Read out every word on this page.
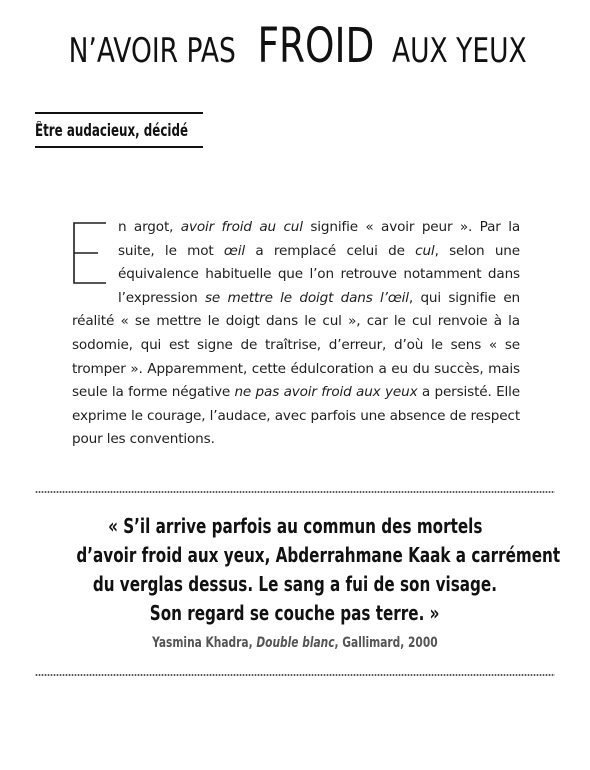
N’AVOIR PAS FROID AUX YEUX
Être audacieux, décidé
E	n argot, avoir froid au cul signifie « avoir peur ». Par la suite, le mot œil a remplacé celui de cul, selon une équivalence habituelle que l’on retrouve notamment dans l’expression se mettre le doigt dans l’œil, qui signifie en réalité « se mettre le doigt dans le cul », car le cul renvoie à la sodomie, qui est signe de traîtrise, d’erreur, d’où le sens « se tromper ». Apparemment, cette édulcoration a eu du succès, mais seule la forme négative ne pas avoir froid aux yeux a persisté. Elle exprime le courage, l’audace, avec parfois une absence de respect pour les conventions.

« S’il arrive parfois au commun des mortels
d’avoir froid aux yeux, Abderrahmane Kaak a carrément
du verglas dessus. Le sang a fui de son visage.
Son regard se couche pas terre. »
Yasmina Khadra, Double blanc, Gallimard, 2000
